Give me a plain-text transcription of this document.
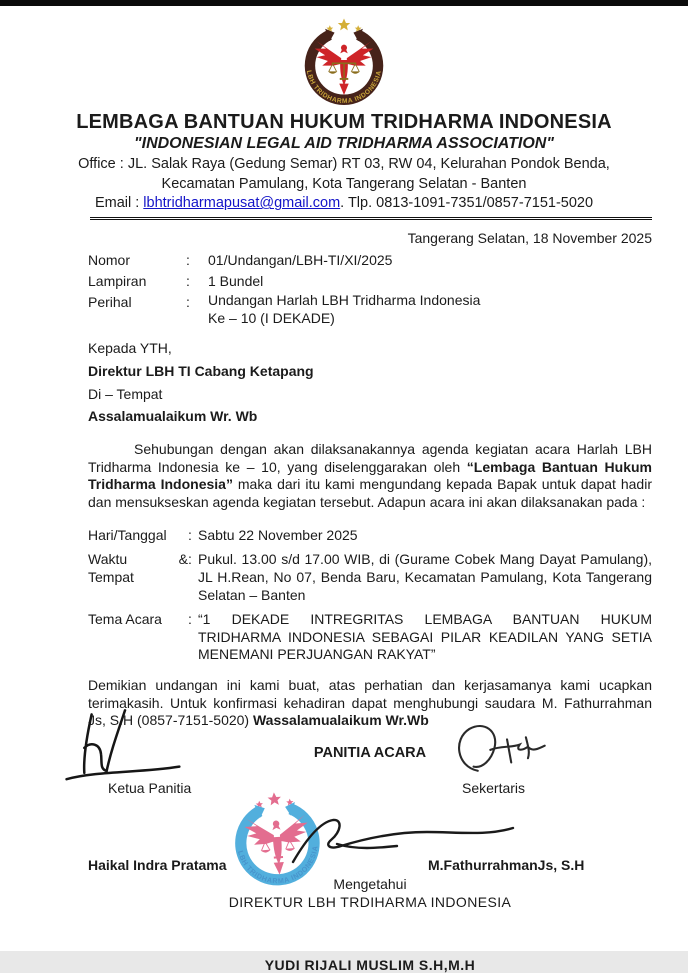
LEMBAGA BANTUAN HUKUM TRIDHARMA INDONESIA
"INDONESIAN LEGAL AID TRIDHARMA ASSOCIATION"
Office : JL. Salak Raya (Gedung Semar) RT 03, RW 04, Kelurahan Pondok Benda,
Kecamatan Pamulang, Kota Tangerang Selatan - Banten
Email : lbhtridharmapusat@gmail.com. Tlp. 0813-1091-7351/0857-7151-5020
Tangerang Selatan, 18 November 2025
Nomor	:	01/Undangan/LBH-TI/XI/2025
Lampiran	:	1 Bundel
Perihal	:	Undangan Harlah LBH Tridharma Indonesia
Ke – 10 (I DEKADE)
Kepada YTH,
Direktur LBH TI Cabang Ketapang
Di – Tempat
Assalamualaikum Wr. Wb

Sehubungan dengan akan dilaksanakannya agenda kegiatan acara Harlah LBH Tridharma Indonesia ke – 10, yang diselenggarakan oleh “Lembaga Bantuan Hukum Tridharma Indonesia” maka dari itu kami mengundang kepada Bapak untuk dapat hadir dan mensukseskan agenda kegiatan tersebut. Adapun acara ini akan dilaksanakan pada :

Hari/Tanggal	: Sabtu 22 November 2025
Waktu & Tempat
: Pukul. 13.00 s/d 17.00 WIB, di (Gurame Cobek Mang Dayat Pamulang), JL H.Rean, No 07, Benda Baru, Kecamatan Pamulang, Kota Tangerang Selatan – Banten
Tema Acara	: “1 DEKADE INTREGRITAS LEMBAGA BANTUAN HUKUM TRIDHARMA INDONESIA SEBAGAI PILAR KEADILAN YANG SETIA MENEMANI PERJUANGAN RAKYAT”

Demikian undangan ini kami buat, atas perhatian dan kerjasamanya kami ucapkan terimakasih. Untuk konfirmasi kehadiran dapat menghubungi saudara M. Fathurrahman Js, S.H (0857-7151-5020) Wassalamualaikum Wr.Wb

PANITIA ACARA
Ketua Panitia
Haikal Indra Pratama
Sekertaris
M.FathurrahmanJs, S.H
Mengetahui
DIREKTUR LBH TRDIHARMA INDONESIA
YUDI RIJALI MUSLIM S.H,M.H
